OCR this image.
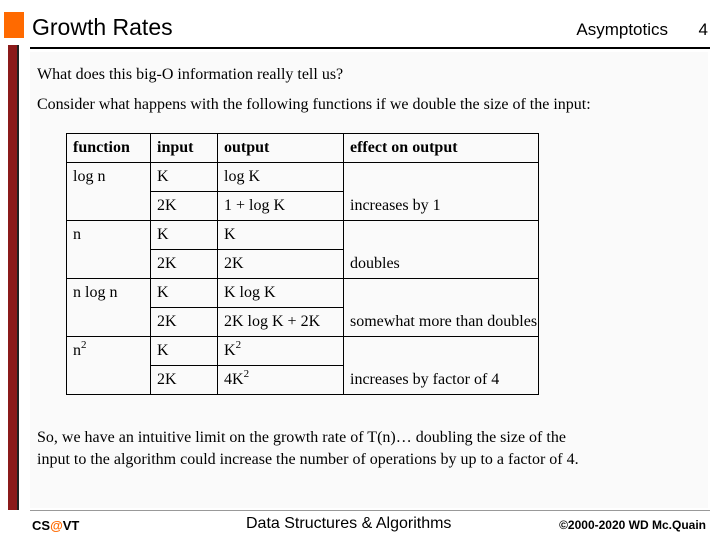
Growth Rates	Asymptotics 4
What does this big-O information really tell us?
Consider what happens with the following functions if we double the size of the input:
function	input	output	effect on output
log n	K	log K	
	2K	1 + log K	increases by 1
n	K	K	
	2K	2K	doubles
n log n	K	K log K	
	2K	2K log K + 2K	somewhat more than doubles
$n^2$	K	$K^2$	
	2K	$4K^2$	increases by factor of 4
So, we have an intuitive limit on the growth rate of T(n)… doubling the size of the
input to the algorithm could increase the number of operations by up to a factor of 4.
CS@VT	Data Structures & Algorithms	©2000-2020 WD Mc.Quain
